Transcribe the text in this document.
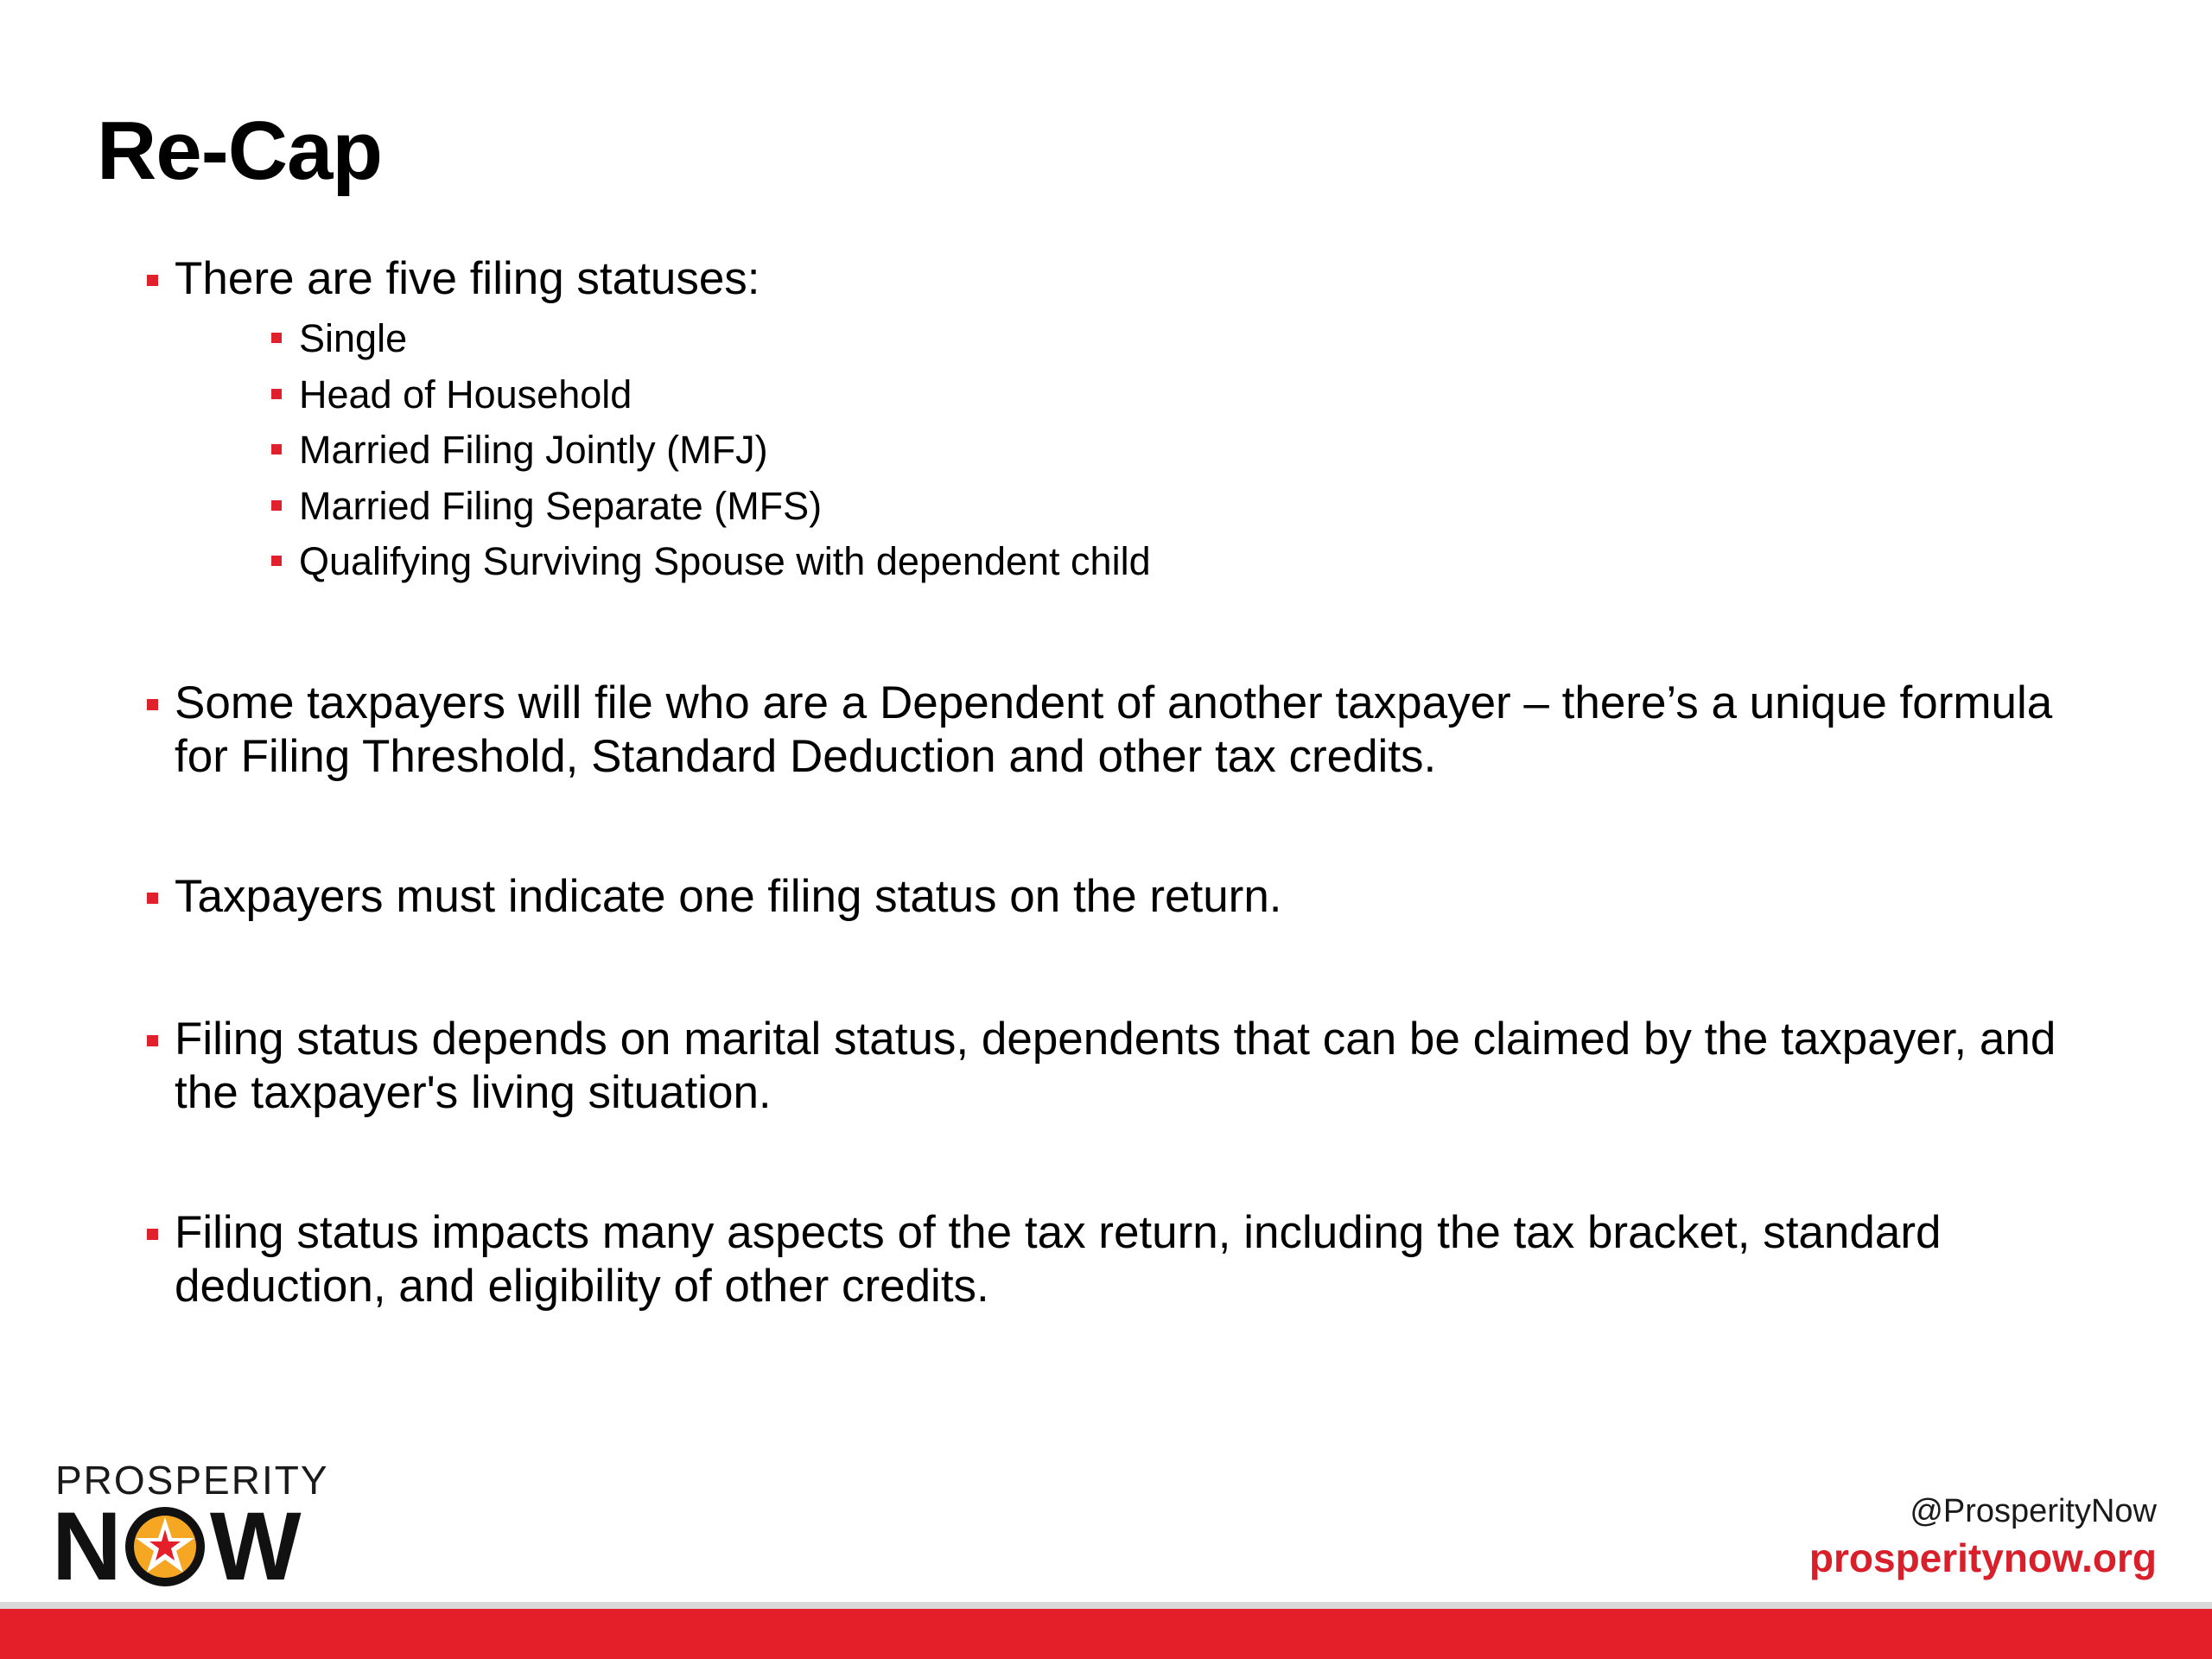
Re-Cap
There are five filing statuses:
Single
Head of Household
Married Filing Jointly (MFJ)
Married Filing Separate (MFS)
Qualifying Surviving Spouse with dependent child
Some taxpayers will file who are a Dependent of another taxpayer – there’s a unique formula for Filing Threshold, Standard Deduction and other tax credits.
Taxpayers must indicate one filing status on the return.
Filing status depends on marital status, dependents that can be claimed by the taxpayer, and the taxpayer's living situation.
Filing status impacts many aspects of the tax return, including the tax bracket, standard deduction, and eligibility of other credits.
PROSPERITY
N W	@ProsperityNow
prosperitynow.org
